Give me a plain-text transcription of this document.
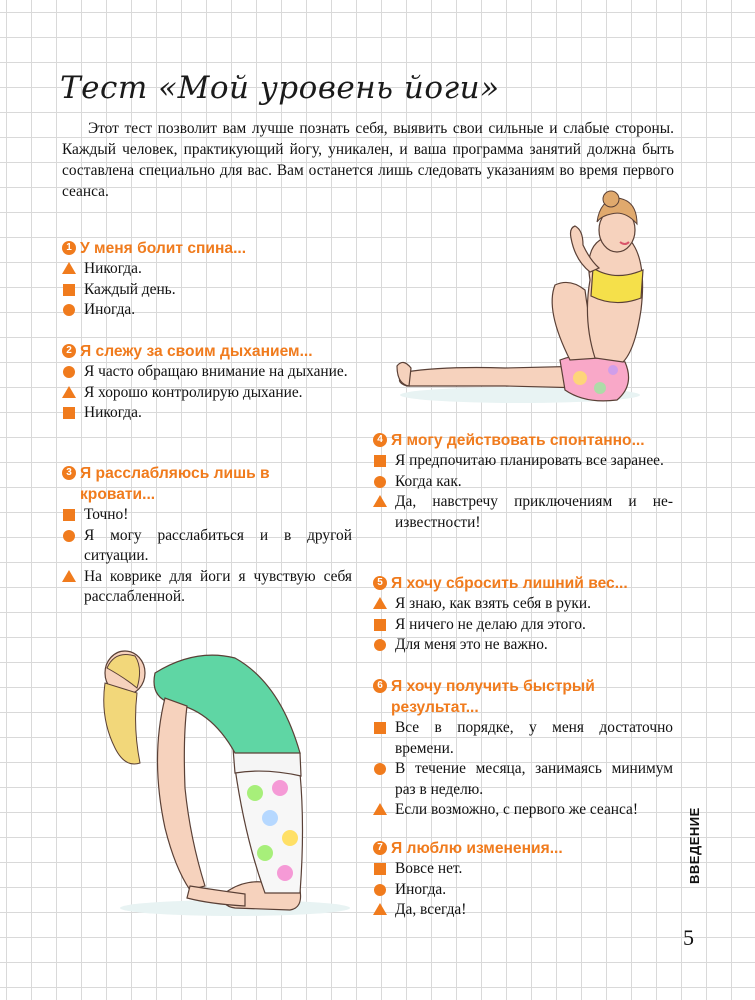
Тест «Мой уровень йоги»

Этот тест позволит вам лучше познать себя, выявить свои сильные и слабые стороны. Каждый человек, практикующий йогу, уникален, и ваша программа занятий должна быть составлена специально для вас. Вам останется лишь следовать указаниям во время первого сеанса.

1 У меня болит спина...
Никогда.
Каждый день.
Иногда.
2 Я слежу за своим дыханием...
Я часто обращаю внимание на дыхание.
Я хорошо контролирую дыхание.
Никогда.
3 Я расслабляюсь лишь в кровати...
Точно!
Я могу расслабиться и в другой ситуации.
На коврике для йоги я чувствую себя расслабленной.
4 Я могу действовать спонтанно...
Я предпочитаю планировать все заранее.
Когда как.
Да, навстречу приключениям и неизвестности!
5 Я хочу сбросить лишний вес...
Я знаю, как взять себя в руки.
Я ничего не делаю для этого.
Для меня это не важно.
6 Я хочу получить быстрый результат...
Все в порядке, у меня достаточно времени.
В течение месяца, занимаясь минимум раз в неделю.
Если возможно, с первого же сеанса!
7 Я люблю изменения...
Вовсе нет.
Иногда.
Да, всегда!
ВВЕДЕНИЕ
5
